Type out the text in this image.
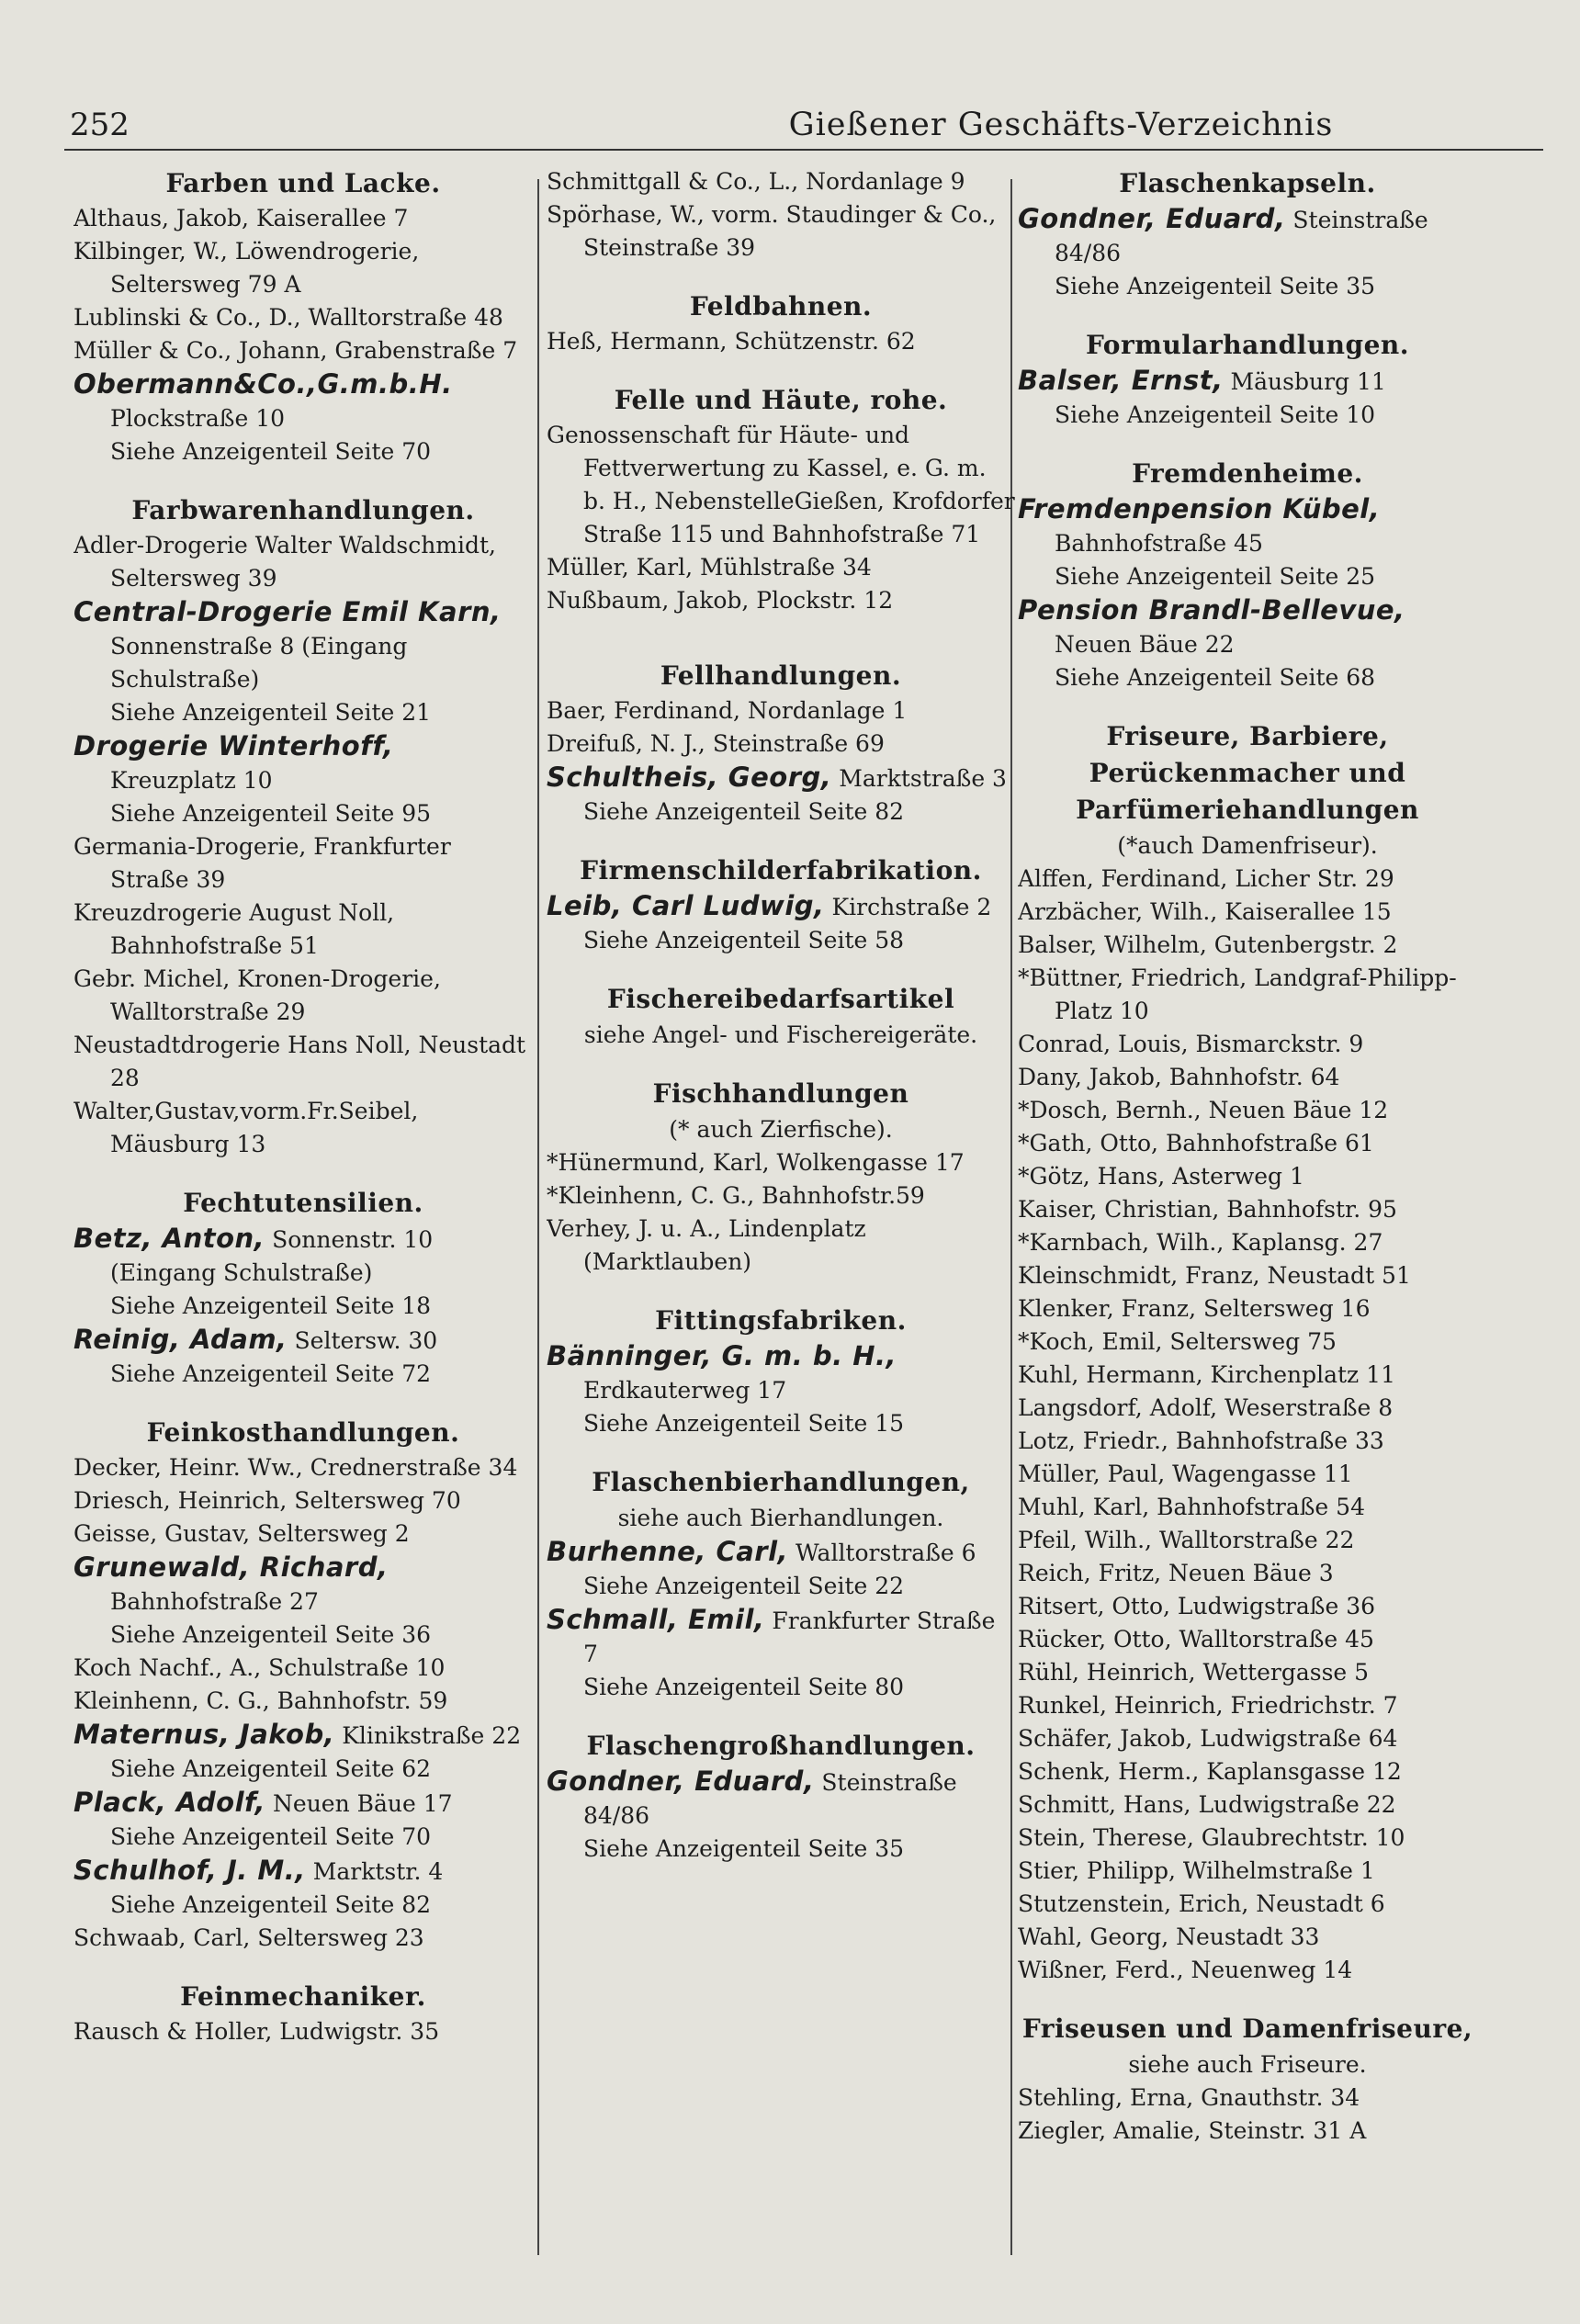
252	Gießener Geschäfts-Verzeichnis
Farben und Lacke.

Althaus, Jakob, Kaiserallee 7

Kilbinger, W., Löwendrogerie, Seltersweg 79 A

Lublinski & Co., D., Walltorstraße 48

Müller & Co., Johann, Grabenstraße 7

Obermann&Co.,G.m.b.H.

Plockstraße 10

Siehe Anzeigenteil Seite 70

Farbwarenhandlungen.

Adler-Drogerie Walter Waldschmidt, Seltersweg 39

Central-Drogerie Emil Karn, Sonnenstraße 8 (Eingang Schulstraße)

Siehe Anzeigenteil Seite 21

Drogerie Winterhoff,

Kreuzplatz 10

Siehe Anzeigenteil Seite 95

Germania-Drogerie, Frankfurter Straße 39

Kreuzdrogerie August Noll, Bahnhofstraße 51

Gebr. Michel, Kronen-Drogerie, Walltorstraße 29

Neustadtdrogerie Hans Noll, Neustadt 28

Walter,Gustav,vorm.Fr.Seibel, Mäusburg 13

Fechtutensilien.

Betz, Anton, Sonnenstr. 10 (Eingang Schulstraße)

Siehe Anzeigenteil Seite 18

Reinig, Adam, Seltersw. 30

Siehe Anzeigenteil Seite 72

Feinkosthandlungen.

Decker, Heinr. Ww., Crednerstraße 34

Driesch, Heinrich, Seltersweg 70

Geisse, Gustav, Seltersweg 2

Grunewald, Richard,

Bahnhofstraße 27

Siehe Anzeigenteil Seite 36

Koch Nachf., A., Schulstraße 10

Kleinhenn, C. G., Bahnhofstr. 59

Maternus, Jakob, Klinikstraße 22

Siehe Anzeigenteil Seite 62

Plack, Adolf, Neuen Bäue 17

Siehe Anzeigenteil Seite 70

Schulhof, J. M., Marktstr. 4

Siehe Anzeigenteil Seite 82

Schwaab, Carl, Seltersweg 23

Feinmechaniker.

Rausch & Holler, Ludwigstr. 35

Schmittgall & Co., L., Nordanlage 9

Spörhase, W., vorm. Staudinger & Co., Steinstraße 39

Feldbahnen.

Heß, Hermann, Schützenstr. 62

Felle und Häute, rohe.

Genossenschaft für Häute- und Fettverwertung zu Kassel, e. G. m. b. H., NebenstelleGießen, Krofdorfer Straße 115 und Bahnhofstraße 71

Müller, Karl, Mühlstraße 34

Nußbaum, Jakob, Plockstr. 12

Fellhandlungen.

Baer, Ferdinand, Nordanlage 1

Dreifuß, N. J., Steinstraße 69

Schultheis, Georg, Marktstraße 3

Siehe Anzeigenteil Seite 82

Firmenschilderfabrikation.

Leib, Carl Ludwig, Kirchstraße 2

Siehe Anzeigenteil Seite 58

Fischereibedarfsartikel

siehe Angel- und Fischereigeräte.

Fischhandlungen

(* auch Zierfische).

*Hünermund, Karl, Wolkengasse 17

*Kleinhenn, C. G., Bahnhofstr.59

Verhey, J. u. A., Lindenplatz (Marktlauben)

Fittingsfabriken.

Bänninger, G. m. b. H.,

Erdkauterweg 17

Siehe Anzeigenteil Seite 15

Flaschenbierhandlungen,

siehe auch Bierhandlungen.

Burhenne, Carl, Walltorstraße 6

Siehe Anzeigenteil Seite 22

Schmall, Emil, Frankfurter Straße 7

Siehe Anzeigenteil Seite 80

Flaschengroßhandlungen.

Gondner, Eduard, Steinstraße 84/86

Siehe Anzeigenteil Seite 35

Flaschenkapseln.

Gondner, Eduard, Steinstraße 84/86

Siehe Anzeigenteil Seite 35

Formularhandlungen.

Balser, Ernst, Mäusburg 11

Siehe Anzeigenteil Seite 10

Fremdenheime.

Fremdenpension Kübel,

Bahnhofstraße 45

Siehe Anzeigenteil Seite 25

Pension Brandl-Bellevue,

Neuen Bäue 22

Siehe Anzeigenteil Seite 68

Friseure, Barbiere, Perückenmacher und Parfümeriehandlungen

(*auch Damenfriseur).

Alffen, Ferdinand, Licher Str. 29

Arzbächer, Wilh., Kaiserallee 15

Balser, Wilhelm, Gutenbergstr. 2

*Büttner, Friedrich, Landgraf-Philipp-Platz 10

Conrad, Louis, Bismarckstr. 9

Dany, Jakob, Bahnhofstr. 64

*Dosch, Bernh., Neuen Bäue 12

*Gath, Otto, Bahnhofstraße 61

*Götz, Hans, Asterweg 1

Kaiser, Christian, Bahnhofstr. 95

*Karnbach, Wilh., Kaplansg. 27

Kleinschmidt, Franz, Neustadt 51

Klenker, Franz, Seltersweg 16

*Koch, Emil, Seltersweg 75

Kuhl, Hermann, Kirchenplatz 11

Langsdorf, Adolf, Weserstraße 8

Lotz, Friedr., Bahnhofstraße 33

Müller, Paul, Wagengasse 11

Muhl, Karl, Bahnhofstraße 54

Pfeil, Wilh., Walltorstraße 22

Reich, Fritz, Neuen Bäue 3

Ritsert, Otto, Ludwigstraße 36

Rücker, Otto, Walltorstraße 45

Rühl, Heinrich, Wettergasse 5

Runkel, Heinrich, Friedrichstr. 7

Schäfer, Jakob, Ludwigstraße 64

Schenk, Herm., Kaplansgasse 12

Schmitt, Hans, Ludwigstraße 22

Stein, Therese, Glaubrechtstr. 10

Stier, Philipp, Wilhelmstraße 1

Stutzenstein, Erich, Neustadt 6

Wahl, Georg, Neustadt 33

Wißner, Ferd., Neuenweg 14

Friseusen und Damenfriseure,

siehe auch Friseure.

Stehling, Erna, Gnauthstr. 34

Ziegler, Amalie, Steinstr. 31 A
